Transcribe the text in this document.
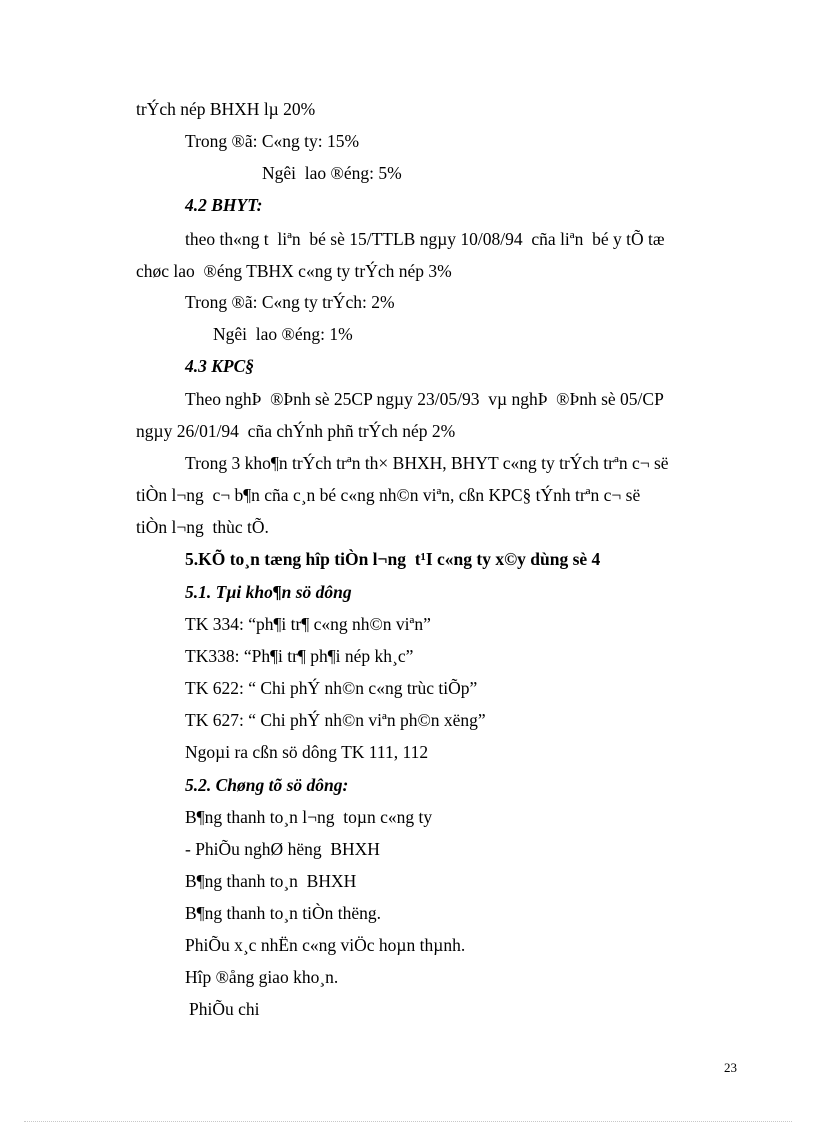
trÝch nép BHXH lµ 20%
Trong ®ã: C«ng ty: 15%
Ngêi  lao ®éng: 5%
4.2 BHYT:
theo th«ng t  liªn  bé sè 15/TTLB ngµy 10/08/94  cña liªn  bé y tÕ tæ
chøc lao  ®éng TBHX c«ng ty trÝch nép 3%
Trong ®ã: C«ng ty trÝch: 2%
Ngêi  lao ®éng: 1%
4.3 KPC§
Theo nghÞ  ®Þnh sè 25CP ngµy 23/05/93  vµ nghÞ  ®Þnh sè 05/CP
ngµy 26/01/94  cña chÝnh phñ trÝch nép 2%
Trong 3 kho¶n trÝch trªn th× BHXH, BHYT c«ng ty trÝch trªn c¬ së
tiÒn l¬ng  c¬ b¶n cña c¸n bé c«ng nh©n viªn, cßn KPC§ tÝnh trªn c¬ së
tiÒn l¬ng  thùc tÕ.
5.KÕ to¸n tæng hîp tiÒn l¬ng  t¹I c«ng ty x©y dùng sè 4
5.1. Tµi kho¶n sö dông
TK 334: “ph¶i tr¶ c«ng nh©n viªn”
TK338: “Ph¶i tr¶ ph¶i nép kh¸c”
TK 622: “ Chi phÝ nh©n c«ng trùc tiÕp”
TK 627: “ Chi phÝ nh©n viªn ph©n xëng”
Ngoµi ra cßn sö dông TK 111, 112
5.2. Chøng tõ sö dông:
B¶ng thanh to¸n l¬ng  toµn c«ng ty
- PhiÕu nghØ hëng  BHXH
B¶ng thanh to¸n  BHXH
B¶ng thanh to¸n tiÒn thëng.
PhiÕu x¸c nhËn c«ng viÖc hoµn thµnh.
Hîp ®ång giao kho¸n.
PhiÕu chi
23
